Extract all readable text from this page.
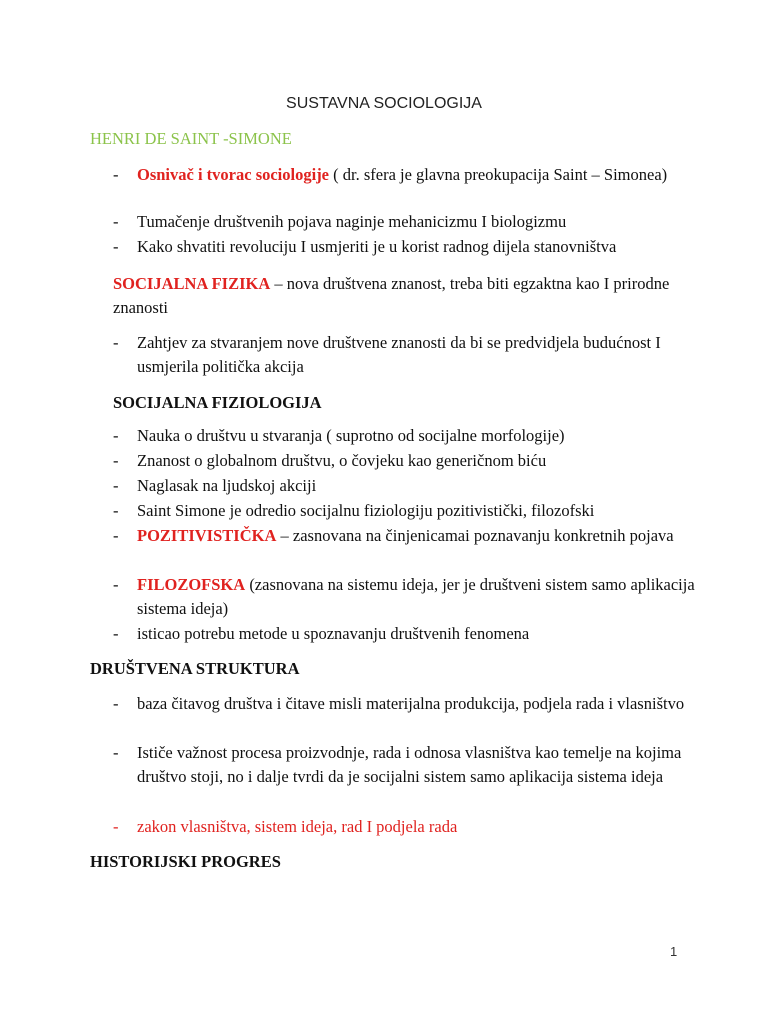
SUSTAVNA SOCIOLOGIJA
HENRI DE SAINT -SIMONE
- Osnivač i tvorac sociologije ( dr. sfera je glavna preokupacija Saint – Simonea)
- Tumačenje društvenih pojava naginje mehanicizmu I biologizmu
- Kako shvatiti revoluciju I usmjeriti je u korist radnog dijela stanovništva
SOCIJALNA FIZIKA – nova društvena znanost, treba biti egzaktna kao I prirodne znanosti
- Zahtjev za stvaranjem nove društvene znanosti da bi se predvidjela budućnost I usmjerila politička akcija
SOCIJALNA FIZIOLOGIJA
- Nauka o društvu u stvaranja ( suprotno od socijalne morfologije)
- Znanost o globalnom društvu, o čovjeku kao generičnom biću
- Naglasak na ljudskoj akciji
- Saint Simone je odredio socijalnu fiziologiju pozitivistički, filozofski
- POZITIVISTIČKA – zasnovana na činjenicamai poznavanju konkretnih pojava
- FILOZOFSKA (zasnovana na sistemu ideja, jer je društveni sistem samo aplikacija sistema ideja)
- isticao potrebu metode u spoznavanju društvenih fenomena
DRUŠTVENA STRUKTURA
- baza čitavog društva i čitave misli materijalna produkcija, podjela rada i vlasništvo
- Ističe važnost procesa proizvodnje, rada i odnosa vlasništva kao temelje na kojima društvo stoji, no i dalje tvrdi da je socijalni sistem samo aplikacija sistema ideja
- zakon vlasništva, sistem ideja, rad I podjela rada
HISTORIJSKI PROGRES
1
